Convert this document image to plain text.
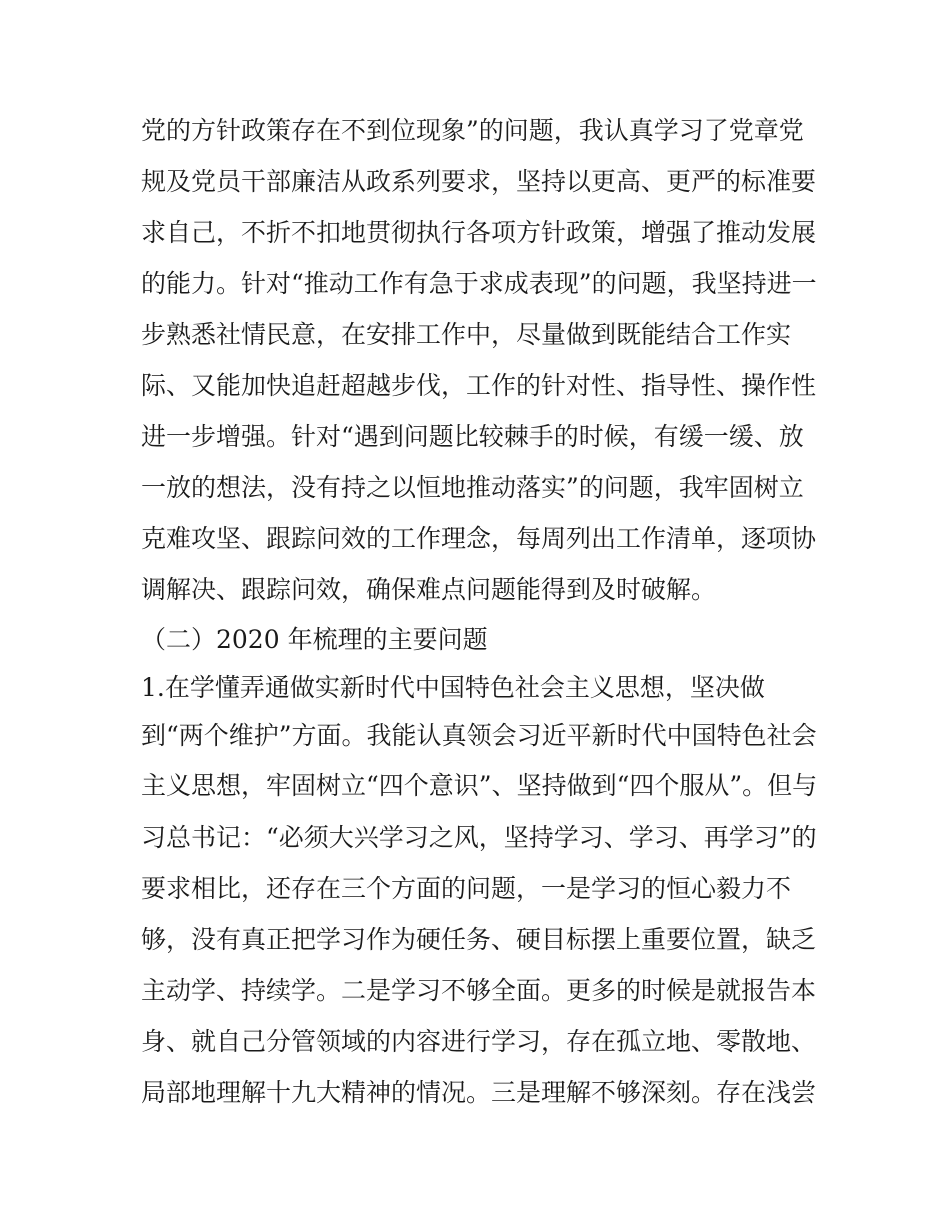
党的方针政策存在不到位现象”的问题，我认真学习了党章党
规及党员干部廉洁从政系列要求，坚持以更高、更严的标准要
求自己，不折不扣地贯彻执行各项方针政策，增强了推动发展
的能力。针对“推动工作有急于求成表现”的问题，我坚持进一
步熟悉社情民意，在安排工作中，尽量做到既能结合工作实
际、又能加快追赶超越步伐，工作的针对性、指导性、操作性
进一步增强。针对“遇到问题比较棘手的时候，有缓一缓、放
一放的想法，没有持之以恒地推动落实”的问题，我牢固树立
克难攻坚、跟踪问效的工作理念，每周列出工作清单，逐项协
调解决、跟踪问效，确保难点问题能得到及时破解。
（二）2020 年梳理的主要问题
1.在学懂弄通做实新时代中国特色社会主义思想，坚决做
到“两个维护”方面。我能认真领会习近平新时代中国特色社会
主义思想，牢固树立“四个意识”、坚持做到“四个服从”。但与
习总书记：“必须大兴学习之风，坚持学习、学习、再学习”的
要求相比，还存在三个方面的问题，一是学习的恒心毅力不
够，没有真正把学习作为硬任务、硬目标摆上重要位置，缺乏
主动学、持续学。二是学习不够全面。更多的时候是就报告本
身、就自己分管领域的内容进行学习，存在孤立地、零散地、
局部地理解十九大精神的情况。三是理解不够深刻。存在浅尝
